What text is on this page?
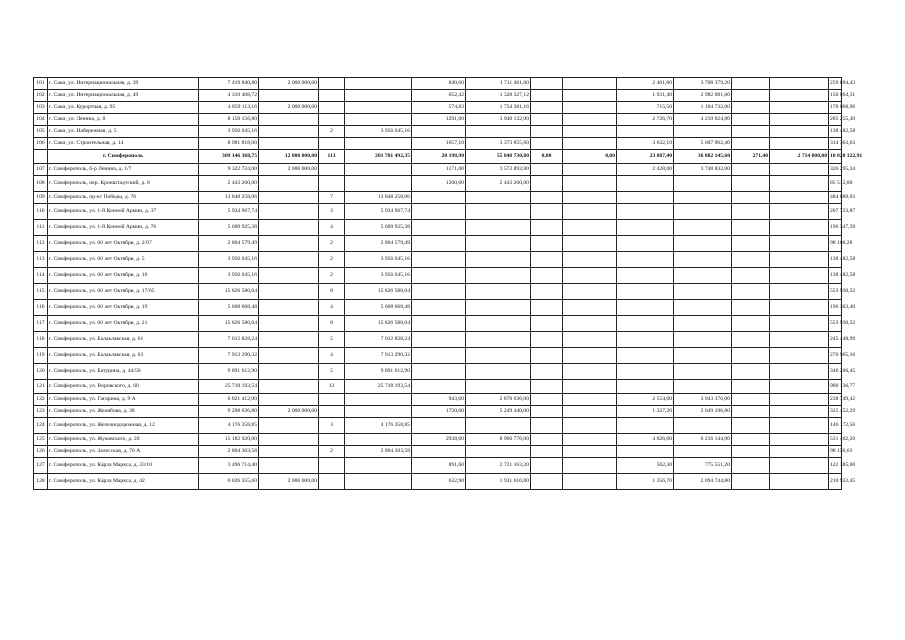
101	г. Саки, ул. Интернациональная, д. 39	7 419 840,80	2 000 000,00			840,60	1 711 461,60			2 401,80	3 708 379,20			259 694,43
102	г. Саки, ул. Интернациональная, д. 49	4 310 408,72				652,42	1 328 327,12			1 931,40	2 982 081,60			150 864,31
103	г. Саки, ул. Курортная, д. 95	4 859 113,16	2 000 000,00			574,83	1 754 381,16			715,50	1 104 732,00			170 068,96
104	г. Саки, ул. Ленина, д. 8	8 150 156,80				1291,00	3 940 132,00			2 726,70	4 210 024,80			285 255,49
105	г. Саки, ул. Набережная, д. 5	3 956 645,16		2	3 956 645,16									138 482,58
106	г. Саки, ул. Строительная, д. 14	8 981 818,00				1657,10	3 373 855,60			3 632,10	5 607 962,40			314 363,63
	г. Симферополь	309 146 368,75	12 000 000,00	113	201 701 492,35	20 198,90	55 848 730,80	0,00	0,00	23 887,40	36 882 145,60	271,40	2 714 000,00	10 820 122,91
107	г. Симферополь, б-р Ленина, д. 1/7	9 322 724,00	2 000 000,00			1171,00	3 573 892,00			2 428,00	3 748 832,00			326 295,34
108	г. Симферополь, пер. Кронштадтский, д. 8	2 443 200,00				1200,00	2 443 200,00							85 512,00
109	г. Симферополь, пр-кт Победы, д. 76	13 848 258,06		7	13 848 258,06									484 689,03
110	г. Симферополь, ул. 1-й Конной Армии, д. 37	5 934 967,74		3	5 934 967,74									207 723,87
111	г. Симферополь, ул. 1-й Конной Армии, д. 76	5 609 925,38		4	5 609 925,38									196 347,39
112	г. Симферополь, ул. 60 лет Октября, д. 2/97	2 804 579,49		2	2 804 579,49									98 160,28
113	г. Симферополь, ул. 60 лет Октября, д. 5	3 956 645,16		2	3 956 645,16									138 482,58
114	г. Симферополь, ул. 60 лет Октября, д. 10	3 956 645,16		2	3 956 645,16									138 482,58
115	г. Симферополь, ул. 60 лет Октября, д. 17/65	15 826 580,64		8	15 826 580,64									553 930,32
116	г. Симферополь, ул. 60 лет Октября, д. 19	5 608 668,48		4	5 608 668,48									196 303,40
117	г. Симферополь, ул. 60 лет Октября, д. 21	15 826 580,64		8	15 826 580,64									553 930,32
118	г. Симферополь, ул. Балаклавская, д. 61	7 012 828,24		5	7 012 828,24									245 448,99
119	г. Симферополь, ул. Балаклавская, д. 63	7 913 290,32		4	7 913 290,32									276 965,16
120	г. Симферополь, ул. Батурина, д. 44/50	9 891 612,90		5	9 891 612,90									346 206,45
121	г. Симферополь, ул. Воровского, д. 60	25 718 193,54		13	25 718 193,54									900 136,77
122	г. Симферополь, ул. Гагарина, д. 9 А	6 821 412,00				943,00	2 878 036,00			2 554,00	3 943 376,00			238 749,42
123	г. Симферополь, ул. Желябова, д. 38	9 298 636,80	2 000 000,00			1720,00	5 249 440,00			1 327,20	2 049 196,80			325 452,29
124	г. Симферополь, ул. Железнодорожная, д. 12	4 176 358,85		3	4 176 358,85									146 172,56
125	г. Симферополь, ул. Жуковского, д. 20	15 182 920,00				2938,00	8 966 776,00			4 026,00	6 216 144,00			531 402,20
126	г. Симферополь, ул. Залесская, д. 70 А	2 804 303,58		2	2 804 303,58									98 150,63
127	г. Симферополь, ул. Карла Маркса, д. 33/10	3 496 714,40				891,60	2 721 163,20			502,30	775 551,20			122 385,00
128	г. Симферополь, ул. Карла Маркса, д. 42	6 026 355,60	2 000 000,00			632,90	1 931 610,80			1 356,70	2 094 744,80			210 922,45
